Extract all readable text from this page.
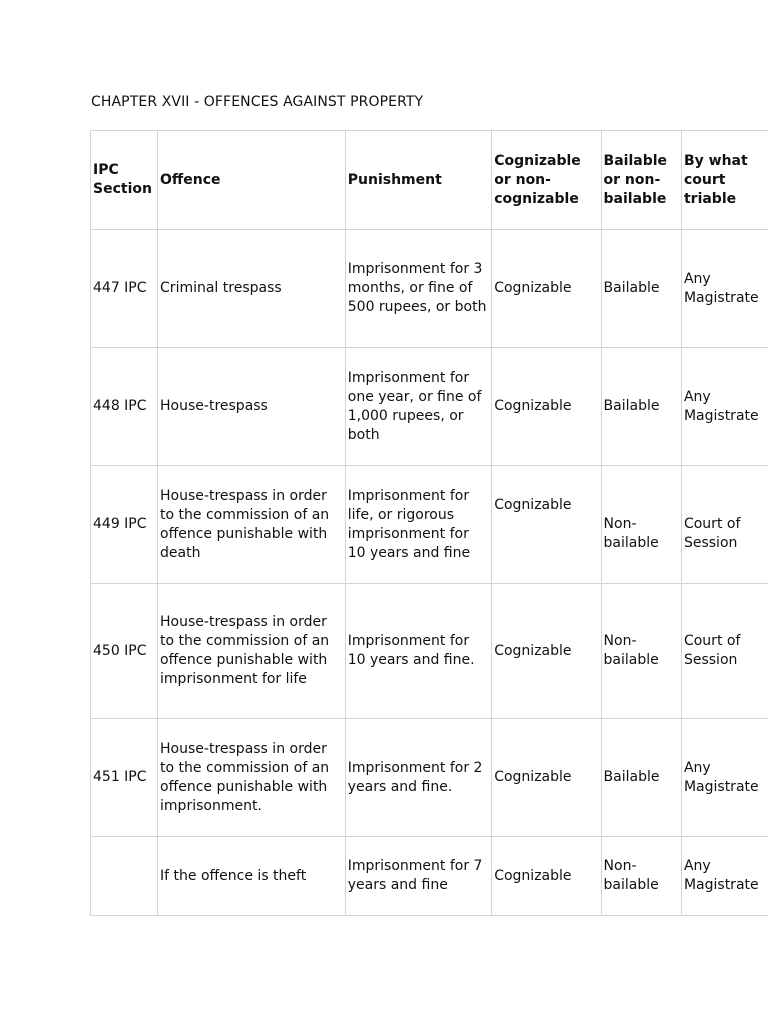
CHAPTER XVII - OFFENCES AGAINST PROPERTY
IPC Section	Offence	Punishment	Cognizable or non-cognizable	Bailable or non-bailable	By what court triable
447 IPC	Criminal trespass	Imprisonment for 3 months, or fine of 500 rupees, or both	Cognizable	Bailable	Any Magistrate
448 IPC	House-trespass	Imprisonment for one year, or fine of 1,000 rupees, or both	Cognizable	Bailable	Any Magistrate
449 IPC	House-trespass in order to the commission of an offence punishable with death	Imprisonment for life, or rigorous imprisonment for 10 years and fine	Cognizable	Non-bailable	Court of Session
450 IPC	House-trespass in order to the commission of an offence punishable with imprisonment for life	Imprisonment for 10 years and fine.	Cognizable	Non-bailable	Court of Session
451 IPC	House-trespass in order to the commission of an offence punishable with imprisonment.	Imprisonment for 2 years and fine.	Cognizable	Bailable	Any Magistrate
	If the offence is theft	Imprisonment for 7 years and fine	Cognizable	Non-bailable	Any Magistrate
